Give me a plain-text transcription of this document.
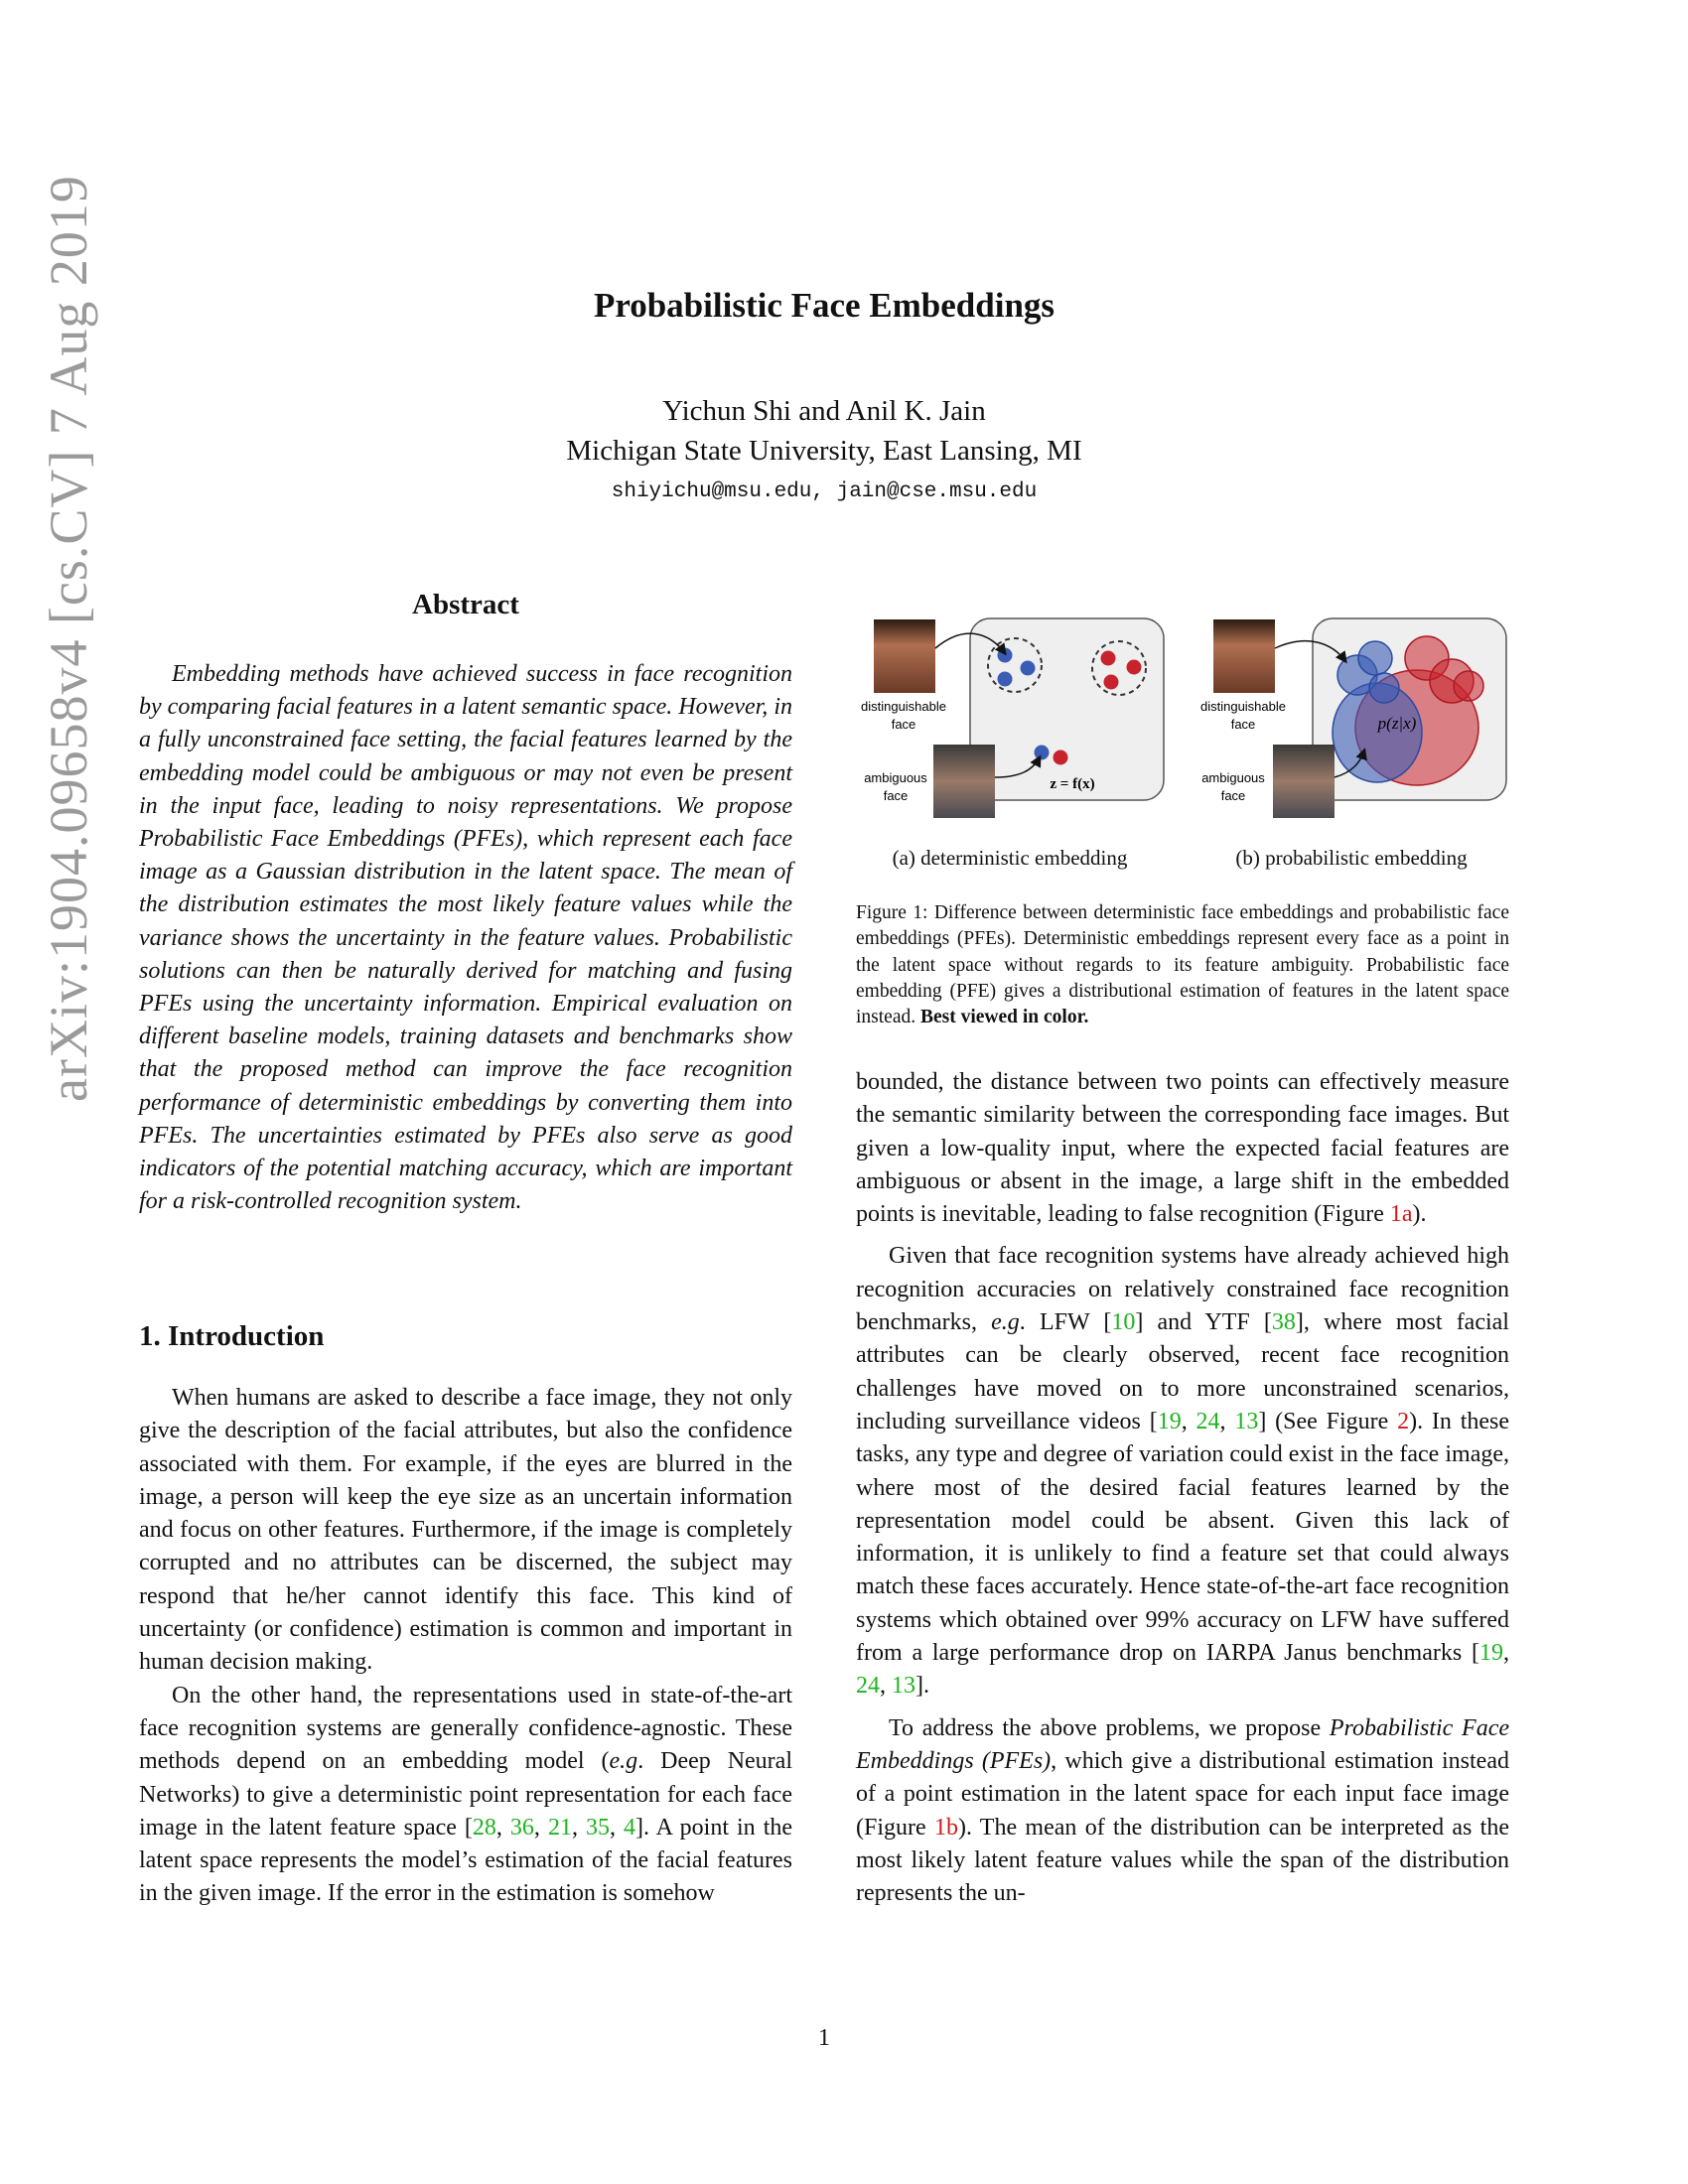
arXiv:1904.09658v4 [cs.CV] 7 Aug 2019	Probabilistic Face Embeddings
Yichun Shi and Anil K. Jain
Michigan State University, East Lansing, MI
shiyichu@msu.edu, jain@cse.msu.edu
Abstract

Embedding methods have achieved success in face recognition by comparing facial features in a latent semantic space. However, in a fully unconstrained face setting, the facial features learned by the embedding model could be ambiguous or may not even be present in the input face, leading to noisy representations. We propose Probabilistic Face Embeddings (PFEs), which represent each face image as a Gaussian distribution in the latent space. The mean of the distribution estimates the most likely feature values while the variance shows the uncertainty in the feature values. Probabilistic solutions can then be naturally derived for matching and fusing PFEs using the uncertainty information. Empirical evaluation on different baseline models, training datasets and benchmarks show that the proposed method can improve the face recognition performance of deterministic embeddings by converting them into PFEs. The uncertainties estimated by PFEs also serve as good indicators of the potential matching accuracy, which are important for a risk-controlled recognition system.

1. Introduction

When humans are asked to describe a face image, they not only give the description of the facial attributes, but also the confidence associated with them. For example, if the eyes are blurred in the image, a person will keep the eye size as an uncertain information and focus on other features. Furthermore, if the image is completely corrupted and no attributes can be discerned, the subject may respond that he/her cannot identify this face. This kind of uncertainty (or confidence) estimation is common and important in human decision making.

On the other hand, the representations used in state-of-the-art face recognition systems are generally confidence-agnostic. These methods depend on an embedding model (e.g. Deep Neural Networks) to give a deterministic point representation for each face image in the latent feature space [28, 36, 21, 35, 4]. A point in the latent space represents the model’s estimation of the facial features in the given image. If the error in the estimation is somehow

distinguishable
face
ambiguous
face
z = f(x)
distinguishable
face
ambiguous
face
p(z|x)
(a) deterministic embedding	(b) probabilistic embedding

Figure 1: Difference between deterministic face embeddings and probabilistic face embeddings (PFEs). Deterministic embeddings represent every face as a point in the latent space without regards to its feature ambiguity. Probabilistic face embedding (PFE) gives a distributional estimation of features in the latent space instead. Best viewed in color.

bounded, the distance between two points can effectively measure the semantic similarity between the corresponding face images. But given a low-quality input, where the expected facial features are ambiguous or absent in the image, a large shift in the embedded points is inevitable, leading to false recognition (Figure 1a).

Given that face recognition systems have already achieved high recognition accuracies on relatively constrained face recognition benchmarks, e.g. LFW [10] and YTF [38], where most facial attributes can be clearly observed, recent face recognition challenges have moved on to more unconstrained scenarios, including surveillance videos [19, 24, 13] (See Figure 2). In these tasks, any type and degree of variation could exist in the face image, where most of the desired facial features learned by the representation model could be absent. Given this lack of information, it is unlikely to find a feature set that could always match these faces accurately. Hence state-of-the-art face recognition systems which obtained over 99% accuracy on LFW have suffered from a large performance drop on IARPA Janus benchmarks [19, 24, 13].

To address the above problems, we propose Probabilistic Face Embeddings (PFEs), which give a distributional estimation instead of a point estimation in the latent space for each input face image (Figure 1b). The mean of the distribution can be interpreted as the most likely latent feature values while the span of the distribution represents the un-

1
